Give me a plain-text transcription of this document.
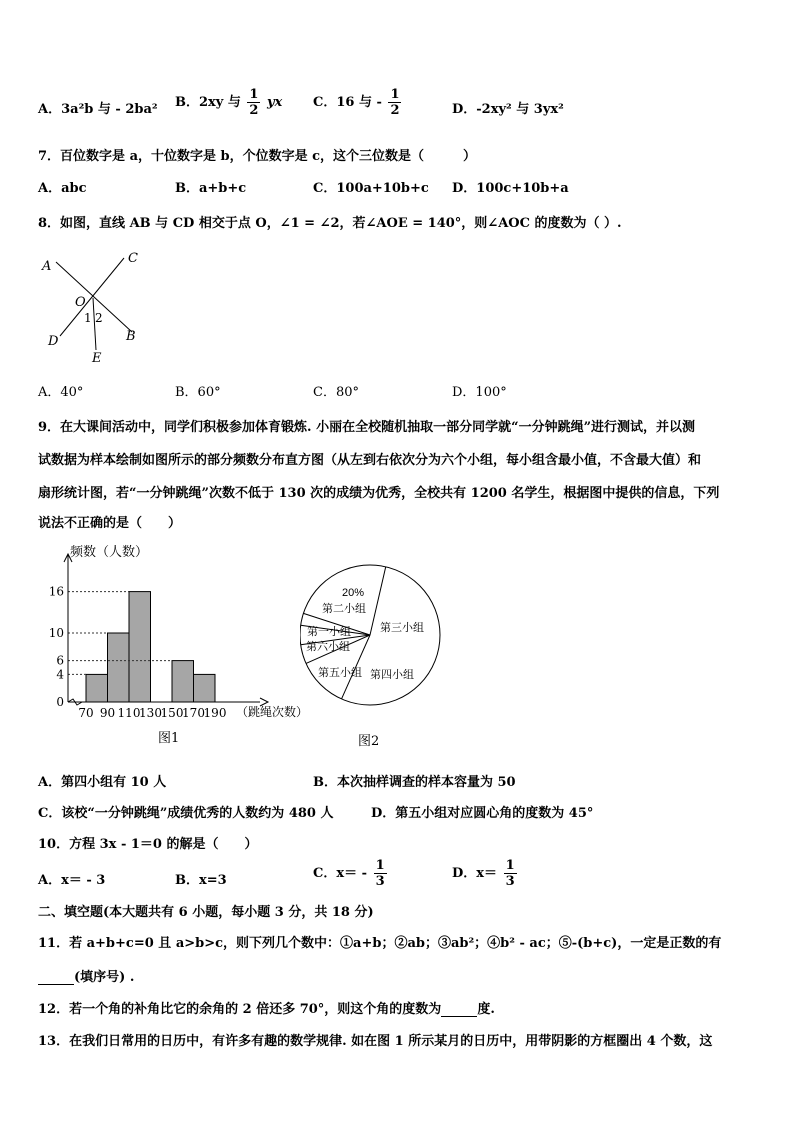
A．3a²b 与 - 2ba² B．2xy 与 $\frac{1}{2}$ yx C．16 与 - $\frac{1}{2}$	D．-2xy² 与 3yx²
7．百位数字是 a，十位数字是 b，个位数字是 c，这个三位数是（　　　）
A．abc	B．a+b+c	C．100a+10b+c D．100c+10b+a
8．如图，直线 AB 与 CD 相交于点 O，∠1 = ∠2，若∠AOE = 140°，则∠AOC 的度数为（ ）.
A
C
O
1 2
B
D
E
A．40°	B．60°	C．80°	D．100°
9．在大课间活动中，同学们积极参加体育锻炼. 小丽在全校随机抽取一部分同学就“一分钟跳绳”进行测试，并以测
试数据为样本绘制如图所示的部分频数分布直方图（从左到右依次分为六个小组，每小组含最小值，不含最大值）和
扇形统计图，若“一分钟跳绳”次数不低于 130 次的成绩为优秀，全校共有 1200 名学生，根据图中提供的信息，下列
说法不正确的是（　　）
频数（人数）
（跳绳次数）
图1
0
4
6
10
16
70 90 110
130
150
170
190
20%
第二小组
第三小组
第一小组
第六小组
第五小组 第四小组
图2
A．第四小组有 10 人	B．本次抽样调查的样本容量为 50
C．该校“一分钟跳绳”成绩优秀的人数约为 480 人	D．第五小组对应圆心角的度数为 45°
10．方程 3x - 1＝0 的解是（　　）
A．x＝ - 3	B．x=3	C．$x= - \frac{1}{3}$	D．$x= \frac{1}{3}$
二、填空题(本大题共有 6 小题，每小题 3 分，共 18 分)
11．若 a+b+c=0 且 a>b>c，则下列几个数中：①a+b；②ab；③ab²；④b² - ac；⑤-(b+c)，一定是正数的有
(填序号) .
12．若一个角的补角比它的余角的 2 倍还多 70°，则这个角的度数为	度.
13．在我们日常用的日历中，有许多有趣的数学规律. 如在图 1 所示某月的日历中，用带阴影的方框圈出 4 个数，这
